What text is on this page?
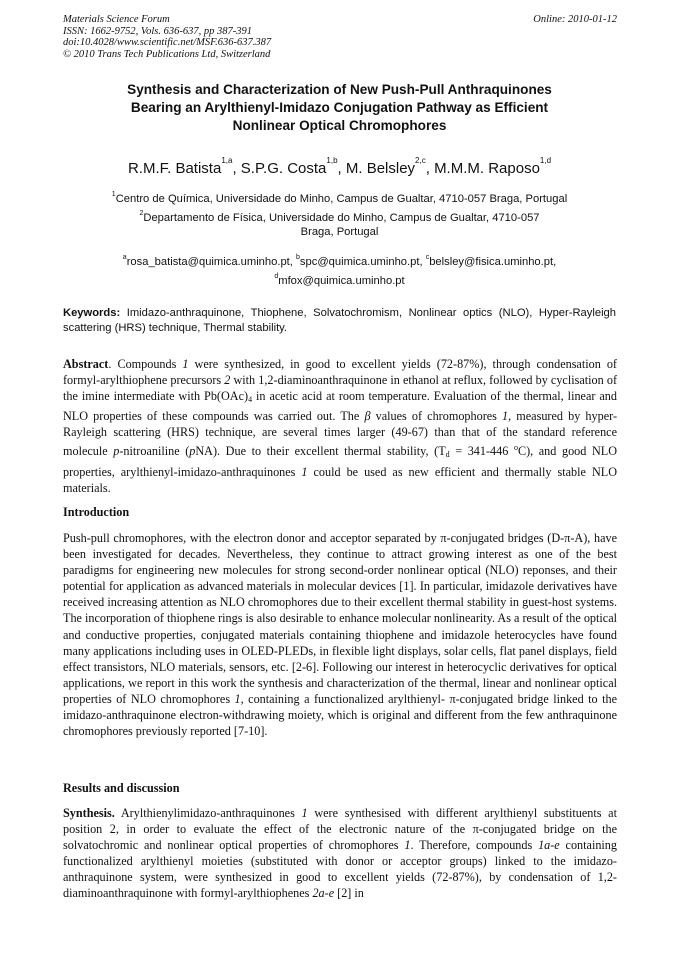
Materials Science Forum
ISSN: 1662-9752, Vols. 636-637, pp 387-391
doi:10.4028/www.scientific.net/MSF.636-637.387
© 2010 Trans Tech Publications Ltd, Switzerland
Online: 2010-01-12
Synthesis and Characterization of New Push-Pull Anthraquinones
Bearing an Arylthienyl-Imidazo Conjugation Pathway as Efficient
Nonlinear Optical Chromophores
R.M.F. Batista$^{1,a}$, S.P.G. Costa$^{1,b}$, M. Belsley$^{2,c}$, M.M.M. Raposo$^{1,d}$
$^1$Centro de Química, Universidade do Minho, Campus de Gualtar, 4710-057 Braga, Portugal
$^2$Departamento de Física, Universidade do Minho, Campus de Gualtar, 4710-057
Braga, Portugal
$^a$rosa_batista@quimica.uminho.pt, $^b$spc@quimica.uminho.pt, $^c$belsley@fisica.uminho.pt,
$^d$mfox@quimica.uminho.pt
Keywords: Imidazo-anthraquinone, Thiophene, Solvatochromism, Nonlinear optics (NLO), Hyper-Rayleigh scattering (HRS) technique, Thermal stability.

Abstract. Compounds 1 were synthesized, in good to excellent yields (72-87%), through condensation of formyl-arylthiophene precursors 2 with 1,2-diaminoanthraquinone in ethanol at reflux, followed by cyclisation of the imine intermediate with $Pb(OAc)_4$ in acetic acid at room temperature. Evaluation of the thermal, linear and NLO properties of these compounds was carried out. The β values of chromophores 1, measured by hyper-Rayleigh scattering (HRS) technique, are several times larger (49-67) than that of the standard reference molecule p-nitroaniline (pNA). Due to their excellent thermal stability, ($T_d = 341-446$ $^o$C), and good NLO properties, arylthienyl-imidazo-anthraquinones 1 could be used as new efficient and thermally stable NLO materials.

Introduction

Push-pull chromophores, with the electron donor and acceptor separated by π-conjugated bridges (D-π-A), have been investigated for decades. Nevertheless, they continue to attract growing interest as one of the best paradigms for engineering new molecules for strong second-order nonlinear optical (NLO) reponses, and their potential for application as advanced materials in molecular devices [1]. In particular, imidazole derivatives have received increasing attention as NLO chromophores due to their excellent thermal stability in guest-host systems. The incorporation of thiophene rings is also desirable to enhance molecular nonlinearity. As a result of the optical and conductive properties, conjugated materials containing thiophene and imidazole heterocycles have found many applications including uses in OLED-PLEDs, in flexible light displays, solar cells, flat panel displays, field effect transistors, NLO materials, sensors, etc. [2-6]. Following our interest in heterocyclic derivatives for optical applications, we report in this work the synthesis and characterization of the thermal, linear and nonlinear optical properties of NLO chromophores 1, containing a functionalized arylthienyl- π-conjugated bridge linked to the imidazo-anthraquinone electron-withdrawing moiety, which is original and different from the few anthraquinone chromophores previously reported [7-10].

Results and discussion

Synthesis. Arylthienylimidazo-anthraquinones 1 were synthesised with different arylthienyl substituents at position 2, in order to evaluate the effect of the electronic nature of the π-conjugated bridge on the solvatochromic and nonlinear optical properties of chromophores 1. Therefore, compounds 1a-e containing functionalized arylthienyl moieties (substituted with donor or acceptor groups) linked to the imidazo-anthraquinone system, were synthesized in good to excellent yields (72-87%), by condensation of 1,2-diaminoanthraquinone with formyl-arylthiophenes 2a-e [2] in
